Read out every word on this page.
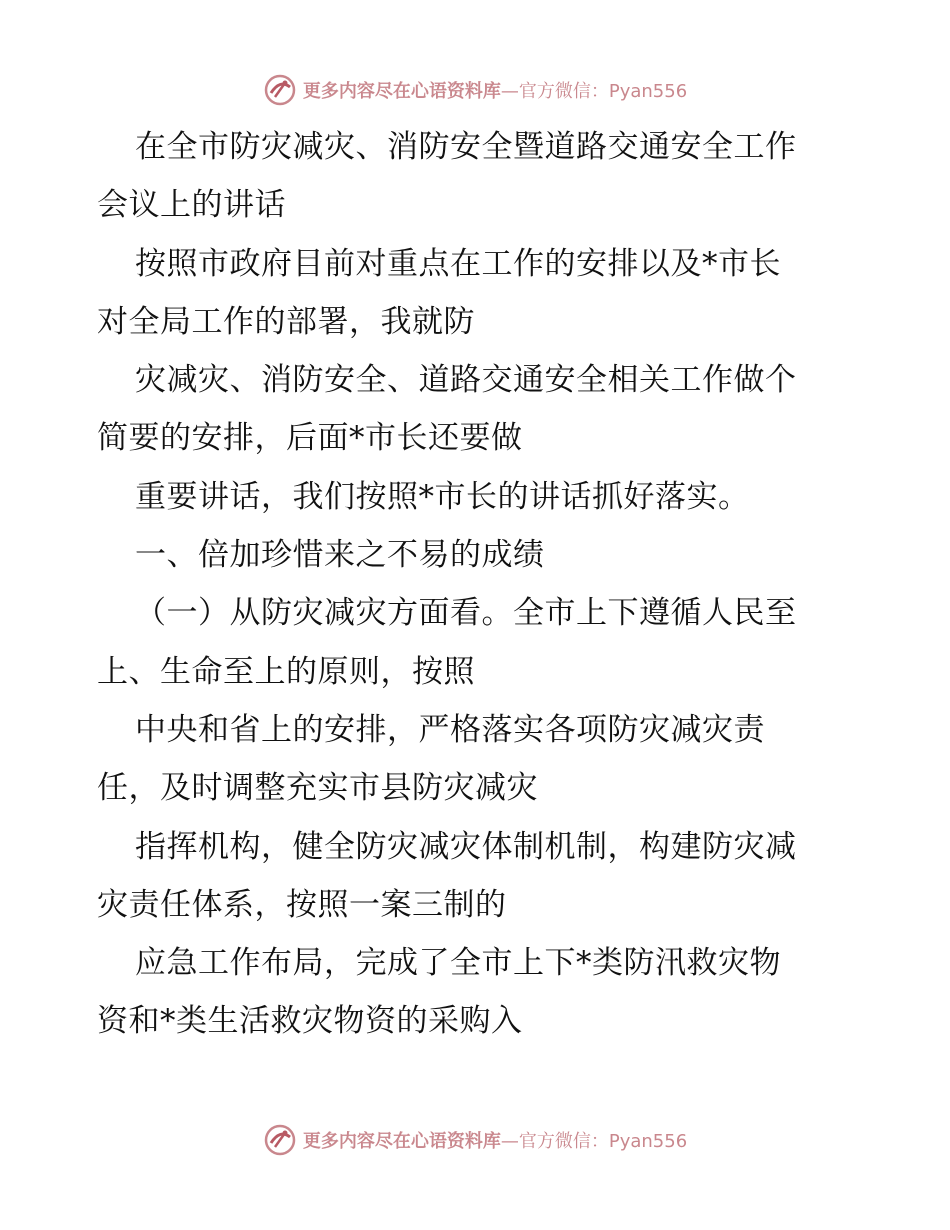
更多内容尽在心语资料库—官方微信：Pyan556
在全市防灾减灾、消防安全暨道路交通安全工作
会议上的讲话
按照市政府目前对重点在工作的安排以及*市长
对全局工作的部署，我就防
灾减灾、消防安全、道路交通安全相关工作做个
简要的安排，后面*市长还要做
重要讲话，我们按照*市长的讲话抓好落实。
一、倍加珍惜来之不易的成绩
（一）从防灾减灾方面看。全市上下遵循人民至
上、生命至上的原则，按照
中央和省上的安排，严格落实各项防灾减灾责
任，及时调整充实市县防灾减灾
指挥机构，健全防灾减灾体制机制，构建防灾减
灾责任体系，按照一案三制的
应急工作布局，完成了全市上下*类防汛救灾物
资和*类生活救灾物资的采购入
更多内容尽在心语资料库—官方微信：Pyan556
